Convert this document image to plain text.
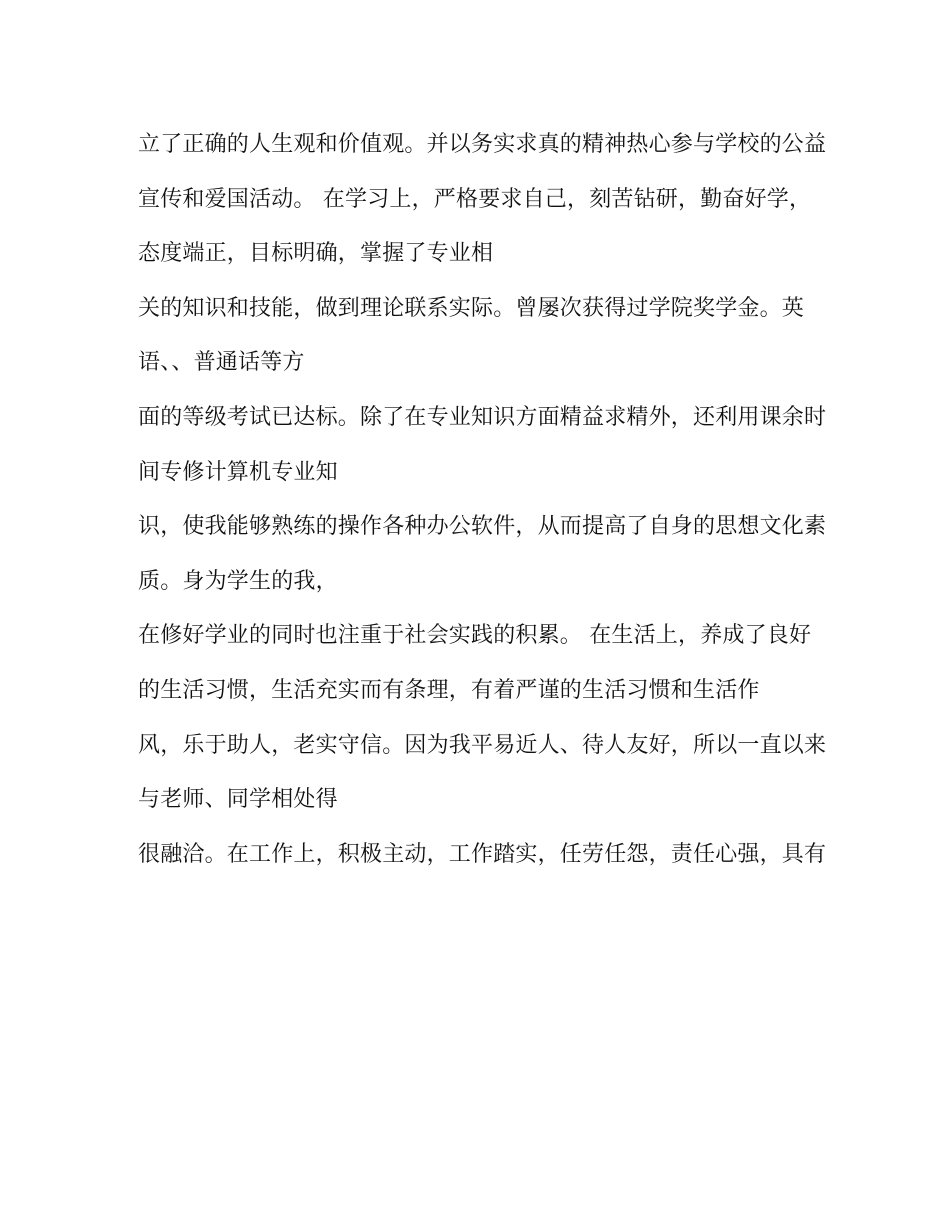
立了正确的人生观和价值观。并以务实求真的精神热心参与学校的公益

宣传和爱国活动。 在学习上，严格要求自己，刻苦钻研，勤奋好学，

态度端正，目标明确，掌握了专业相

关的知识和技能，做到理论联系实际。曾屡次获得过学院奖学金。英

语、、普通话等方

面的等级考试已达标。除了在专业知识方面精益求精外，还利用课余时

间专修计算机专业知

识，使我能够熟练的操作各种办公软件，从而提高了自身的思想文化素

质。身为学生的我，

在修好学业的同时也注重于社会实践的积累。 在生活上，养成了良好

的生活习惯，生活充实而有条理，有着严谨的生活习惯和生活作

风，乐于助人，老实守信。因为我平易近人、待人友好，所以一直以来

与老师、同学相处得

很融洽。在工作上，积极主动，工作踏实，任劳任怨，责任心强，具有
